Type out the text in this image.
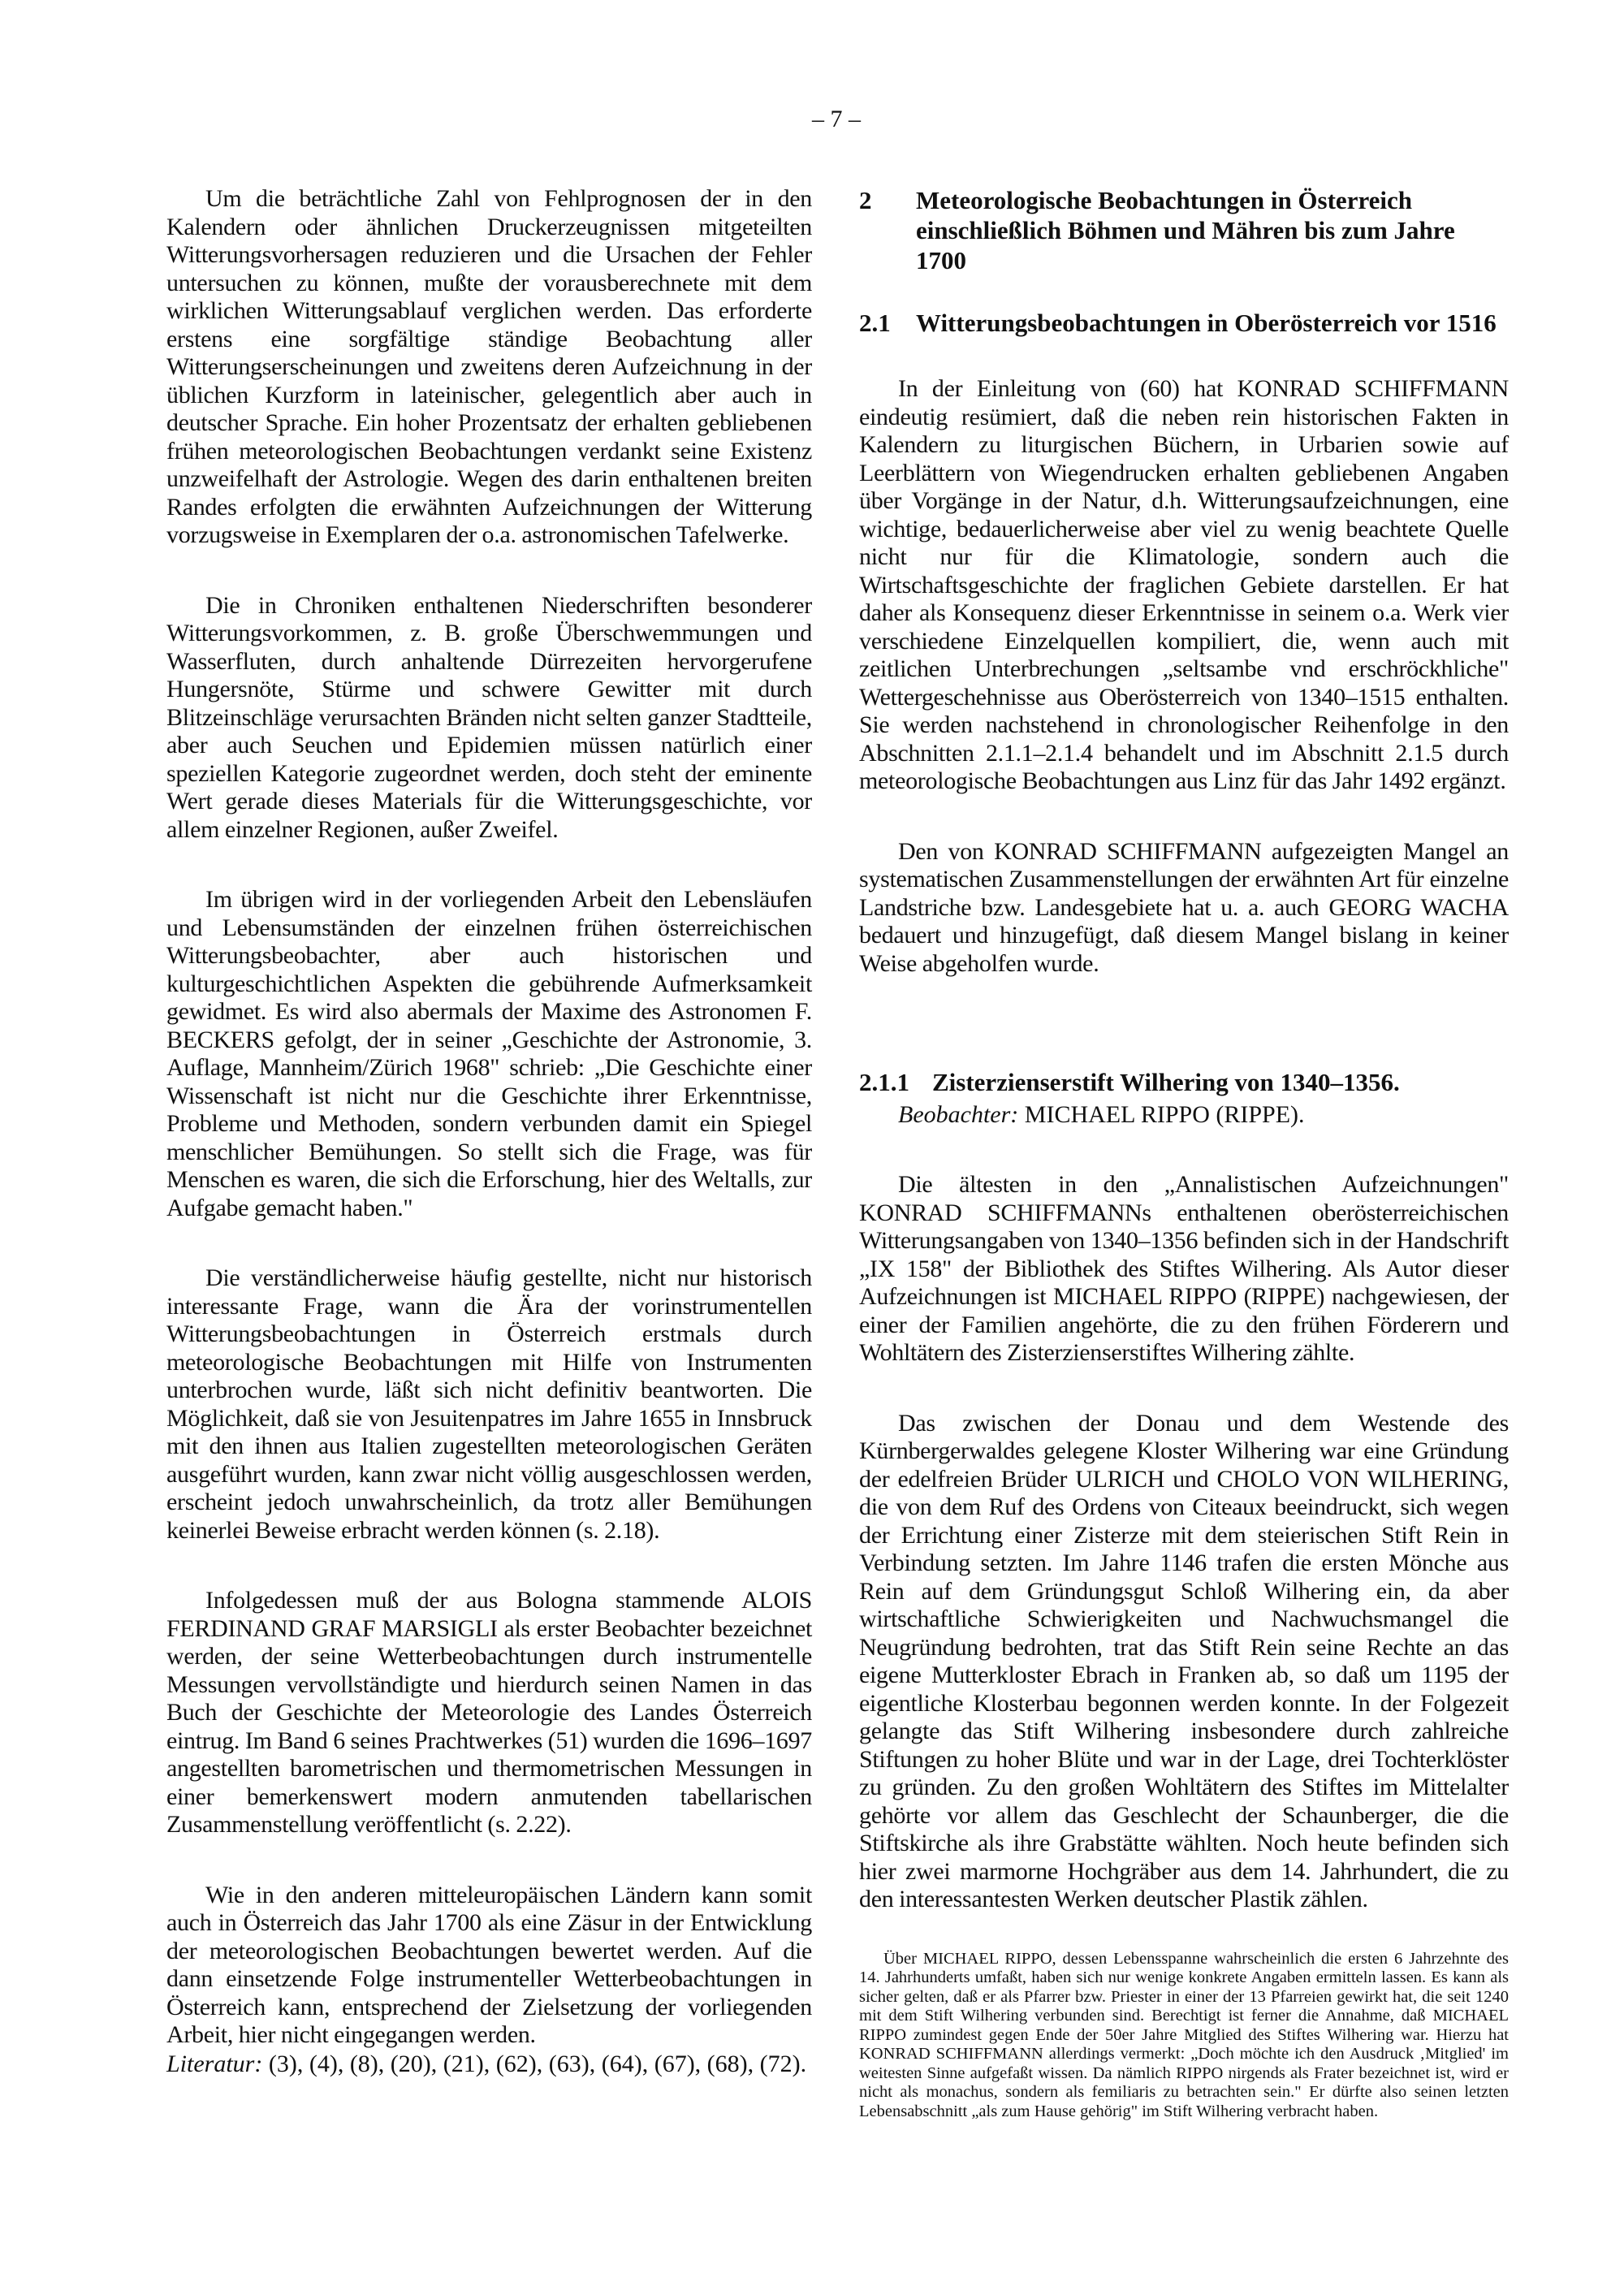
– 7 –

Um die beträchtliche Zahl von Fehlprognosen der in den Kalendern oder ähnlichen Druckerzeugnissen mitgeteilten Witterungsvorhersagen reduzieren und die Ursachen der Fehler untersuchen zu können, mußte der vorausberechnete mit dem wirklichen Witterungsablauf verglichen werden. Das erforderte erstens eine sorgfältige ständige Beobachtung aller Witterungserscheinungen und zweitens deren Aufzeichnung in der üblichen Kurzform in lateinischer, gelegentlich aber auch in deutscher Sprache. Ein hoher Prozentsatz der erhalten gebliebenen frühen meteorologischen Beobachtungen verdankt seine Existenz unzweifelhaft der Astrologie. Wegen des darin enthaltenen breiten Randes erfolgten die erwähnten Aufzeichnungen der Witterung vorzugsweise in Exemplaren der o.a. astronomischen Tafelwerke.

Die in Chroniken enthaltenen Niederschriften besonderer Witterungsvorkommen, z. B. große Überschwemmungen und Wasserfluten, durch anhaltende Dürrezeiten hervorgerufene Hungersnöte, Stürme und schwere Gewitter mit durch Blitzeinschläge verursachten Bränden nicht selten ganzer Stadtteile, aber auch Seuchen und Epidemien müssen natürlich einer speziellen Kategorie zugeordnet werden, doch steht der eminente Wert gerade dieses Materials für die Witterungsgeschichte, vor allem einzelner Regionen, außer Zweifel.

Im übrigen wird in der vorliegenden Arbeit den Lebensläufen und Lebensumständen der einzelnen frühen österreichischen Witterungsbeobachter, aber auch historischen und kulturgeschichtlichen Aspekten die gebührende Aufmerksamkeit gewidmet. Es wird also abermals der Maxime des Astronomen F. BECKERS gefolgt, der in seiner „Geschichte der Astronomie, 3. Auflage, Mannheim/Zürich 1968" schrieb: „Die Geschichte einer Wissenschaft ist nicht nur die Geschichte ihrer Erkenntnisse, Probleme und Methoden, sondern verbunden damit ein Spiegel menschlicher Bemühungen. So stellt sich die Frage, was für Menschen es waren, die sich die Erforschung, hier des Weltalls, zur Aufgabe gemacht haben."

Die verständlicherweise häufig gestellte, nicht nur historisch interessante Frage, wann die Ära der vorinstrumentellen Witterungsbeobachtungen in Österreich erstmals durch meteorologische Beobachtungen mit Hilfe von Instrumenten unterbrochen wurde, läßt sich nicht definitiv beantworten. Die Möglichkeit, daß sie von Jesuitenpatres im Jahre 1655 in Innsbruck mit den ihnen aus Italien zugestellten meteorologischen Geräten ausgeführt wurden, kann zwar nicht völlig ausgeschlossen werden, erscheint jedoch unwahrscheinlich, da trotz aller Bemühungen keinerlei Beweise erbracht werden können (s. 2.18).

Infolgedessen muß der aus Bologna stammende ALOIS FERDINAND GRAF MARSIGLI als erster Beobachter bezeichnet werden, der seine Wetterbeobachtungen durch instrumentelle Messungen vervollständigte und hierdurch seinen Namen in das Buch der Geschichte der Meteorologie des Landes Österreich eintrug. Im Band 6 seines Prachtwerkes (51) wurden die 1696–1697 angestellten barometrischen und thermometrischen Messungen in einer bemerkenswert modern anmutenden tabellarischen Zusammenstellung veröffentlicht (s. 2.22).

Wie in den anderen mitteleuropäischen Ländern kann somit auch in Österreich das Jahr 1700 als eine Zäsur in der Entwicklung der meteorologischen Beobachtungen bewertet werden. Auf die dann einsetzende Folge instrumenteller Wetterbeobachtungen in Österreich kann, entsprechend der Zielsetzung der vorliegenden Arbeit, hier nicht eingegangen werden.

Literatur: (3), (4), (8), (20), (21), (62), (63), (64), (67), (68), (72).

2 Meteorologische Beobachtungen in Österreich einschließlich Böhmen und Mähren bis zum Jahre 1700

2.1 Witterungsbeobachtungen in Oberösterreich vor 1516

In der Einleitung von (60) hat KONRAD SCHIFFMANN eindeutig resümiert, daß die neben rein historischen Fakten in Kalendern zu liturgischen Büchern, in Urbarien sowie auf Leerblättern von Wiegendrucken erhalten gebliebenen Angaben über Vorgänge in der Natur, d.h. Witterungsaufzeichnungen, eine wichtige, bedauerlicherweise aber viel zu wenig beachtete Quelle nicht nur für die Klimatologie, sondern auch die Wirtschaftsgeschichte der fraglichen Gebiete darstellen. Er hat daher als Konsequenz dieser Erkenntnisse in seinem o.a. Werk vier verschiedene Einzelquellen kompiliert, die, wenn auch mit zeitlichen Unterbrechungen „seltsambe vnd erschröckhliche" Wettergeschehnisse aus Oberösterreich von 1340–1515 enthalten. Sie werden nachstehend in chronologischer Reihenfolge in den Abschnitten 2.1.1–2.1.4 behandelt und im Abschnitt 2.1.5 durch meteorologische Beobachtungen aus Linz für das Jahr 1492 ergänzt.

Den von KONRAD SCHIFFMANN aufgezeigten Mangel an systematischen Zusammenstellungen der erwähnten Art für einzelne Landstriche bzw. Landesgebiete hat u. a. auch GEORG WACHA bedauert und hinzugefügt, daß diesem Mangel bislang in keiner Weise abgeholfen wurde.

2.1.1 Zisterzienserstift Wilhering von 1340–1356.

Beobachter: MICHAEL RIPPO (RIPPE).

Die ältesten in den „Annalistischen Aufzeichnungen" KONRAD SCHIFFMANNs enthaltenen oberösterreichischen Witterungsangaben von 1340–1356 befinden sich in der Handschrift „IX 158" der Bibliothek des Stiftes Wilhering. Als Autor dieser Aufzeichnungen ist MICHAEL RIPPO (RIPPE) nachgewiesen, der einer der Familien angehörte, die zu den frühen Förderern und Wohltätern des Zisterzienserstiftes Wilhering zählte.

Das zwischen der Donau und dem Westende des Kürnbergerwaldes gelegene Kloster Wilhering war eine Gründung der edelfreien Brüder ULRICH und CHOLO VON WILHERING, die von dem Ruf des Ordens von Citeaux beeindruckt, sich wegen der Errichtung einer Zisterze mit dem steierischen Stift Rein in Verbindung setzten. Im Jahre 1146 trafen die ersten Mönche aus Rein auf dem Gründungsgut Schloß Wilhering ein, da aber wirtschaftliche Schwierigkeiten und Nachwuchsmangel die Neugründung bedrohten, trat das Stift Rein seine Rechte an das eigene Mutterkloster Ebrach in Franken ab, so daß um 1195 der eigentliche Klosterbau begonnen werden konnte. In der Folgezeit gelangte das Stift Wilhering insbesondere durch zahlreiche Stiftungen zu hoher Blüte und war in der Lage, drei Tochterklöster zu gründen. Zu den großen Wohltätern des Stiftes im Mittelalter gehörte vor allem das Geschlecht der Schaunberger, die die Stiftskirche als ihre Grabstätte wählten. Noch heute befinden sich hier zwei marmorne Hochgräber aus dem 14. Jahrhundert, die zu den interessantesten Werken deutscher Plastik zählen.

Über MICHAEL RIPPO, dessen Lebensspanne wahrscheinlich die ersten 6 Jahrzehnte des 14. Jahrhunderts umfaßt, haben sich nur wenige konkrete Angaben ermitteln lassen. Es kann als sicher gelten, daß er als Pfarrer bzw. Priester in einer der 13 Pfarreien gewirkt hat, die seit 1240 mit dem Stift Wilhering verbunden sind. Berechtigt ist ferner die Annahme, daß MICHAEL RIPPO zumindest gegen Ende der 50er Jahre Mitglied des Stiftes Wilhering war. Hierzu hat KONRAD SCHIFFMANN allerdings vermerkt: „Doch möchte ich den Ausdruck ‚Mitglied' im weitesten Sinne aufgefaßt wissen. Da nämlich RIPPO nirgends als Frater bezeichnet ist, wird er nicht als monachus, sondern als femiliaris zu betrachten sein." Er dürfte also seinen letzten Lebensabschnitt „als zum Hause gehörig" im Stift Wilhering verbracht haben.
